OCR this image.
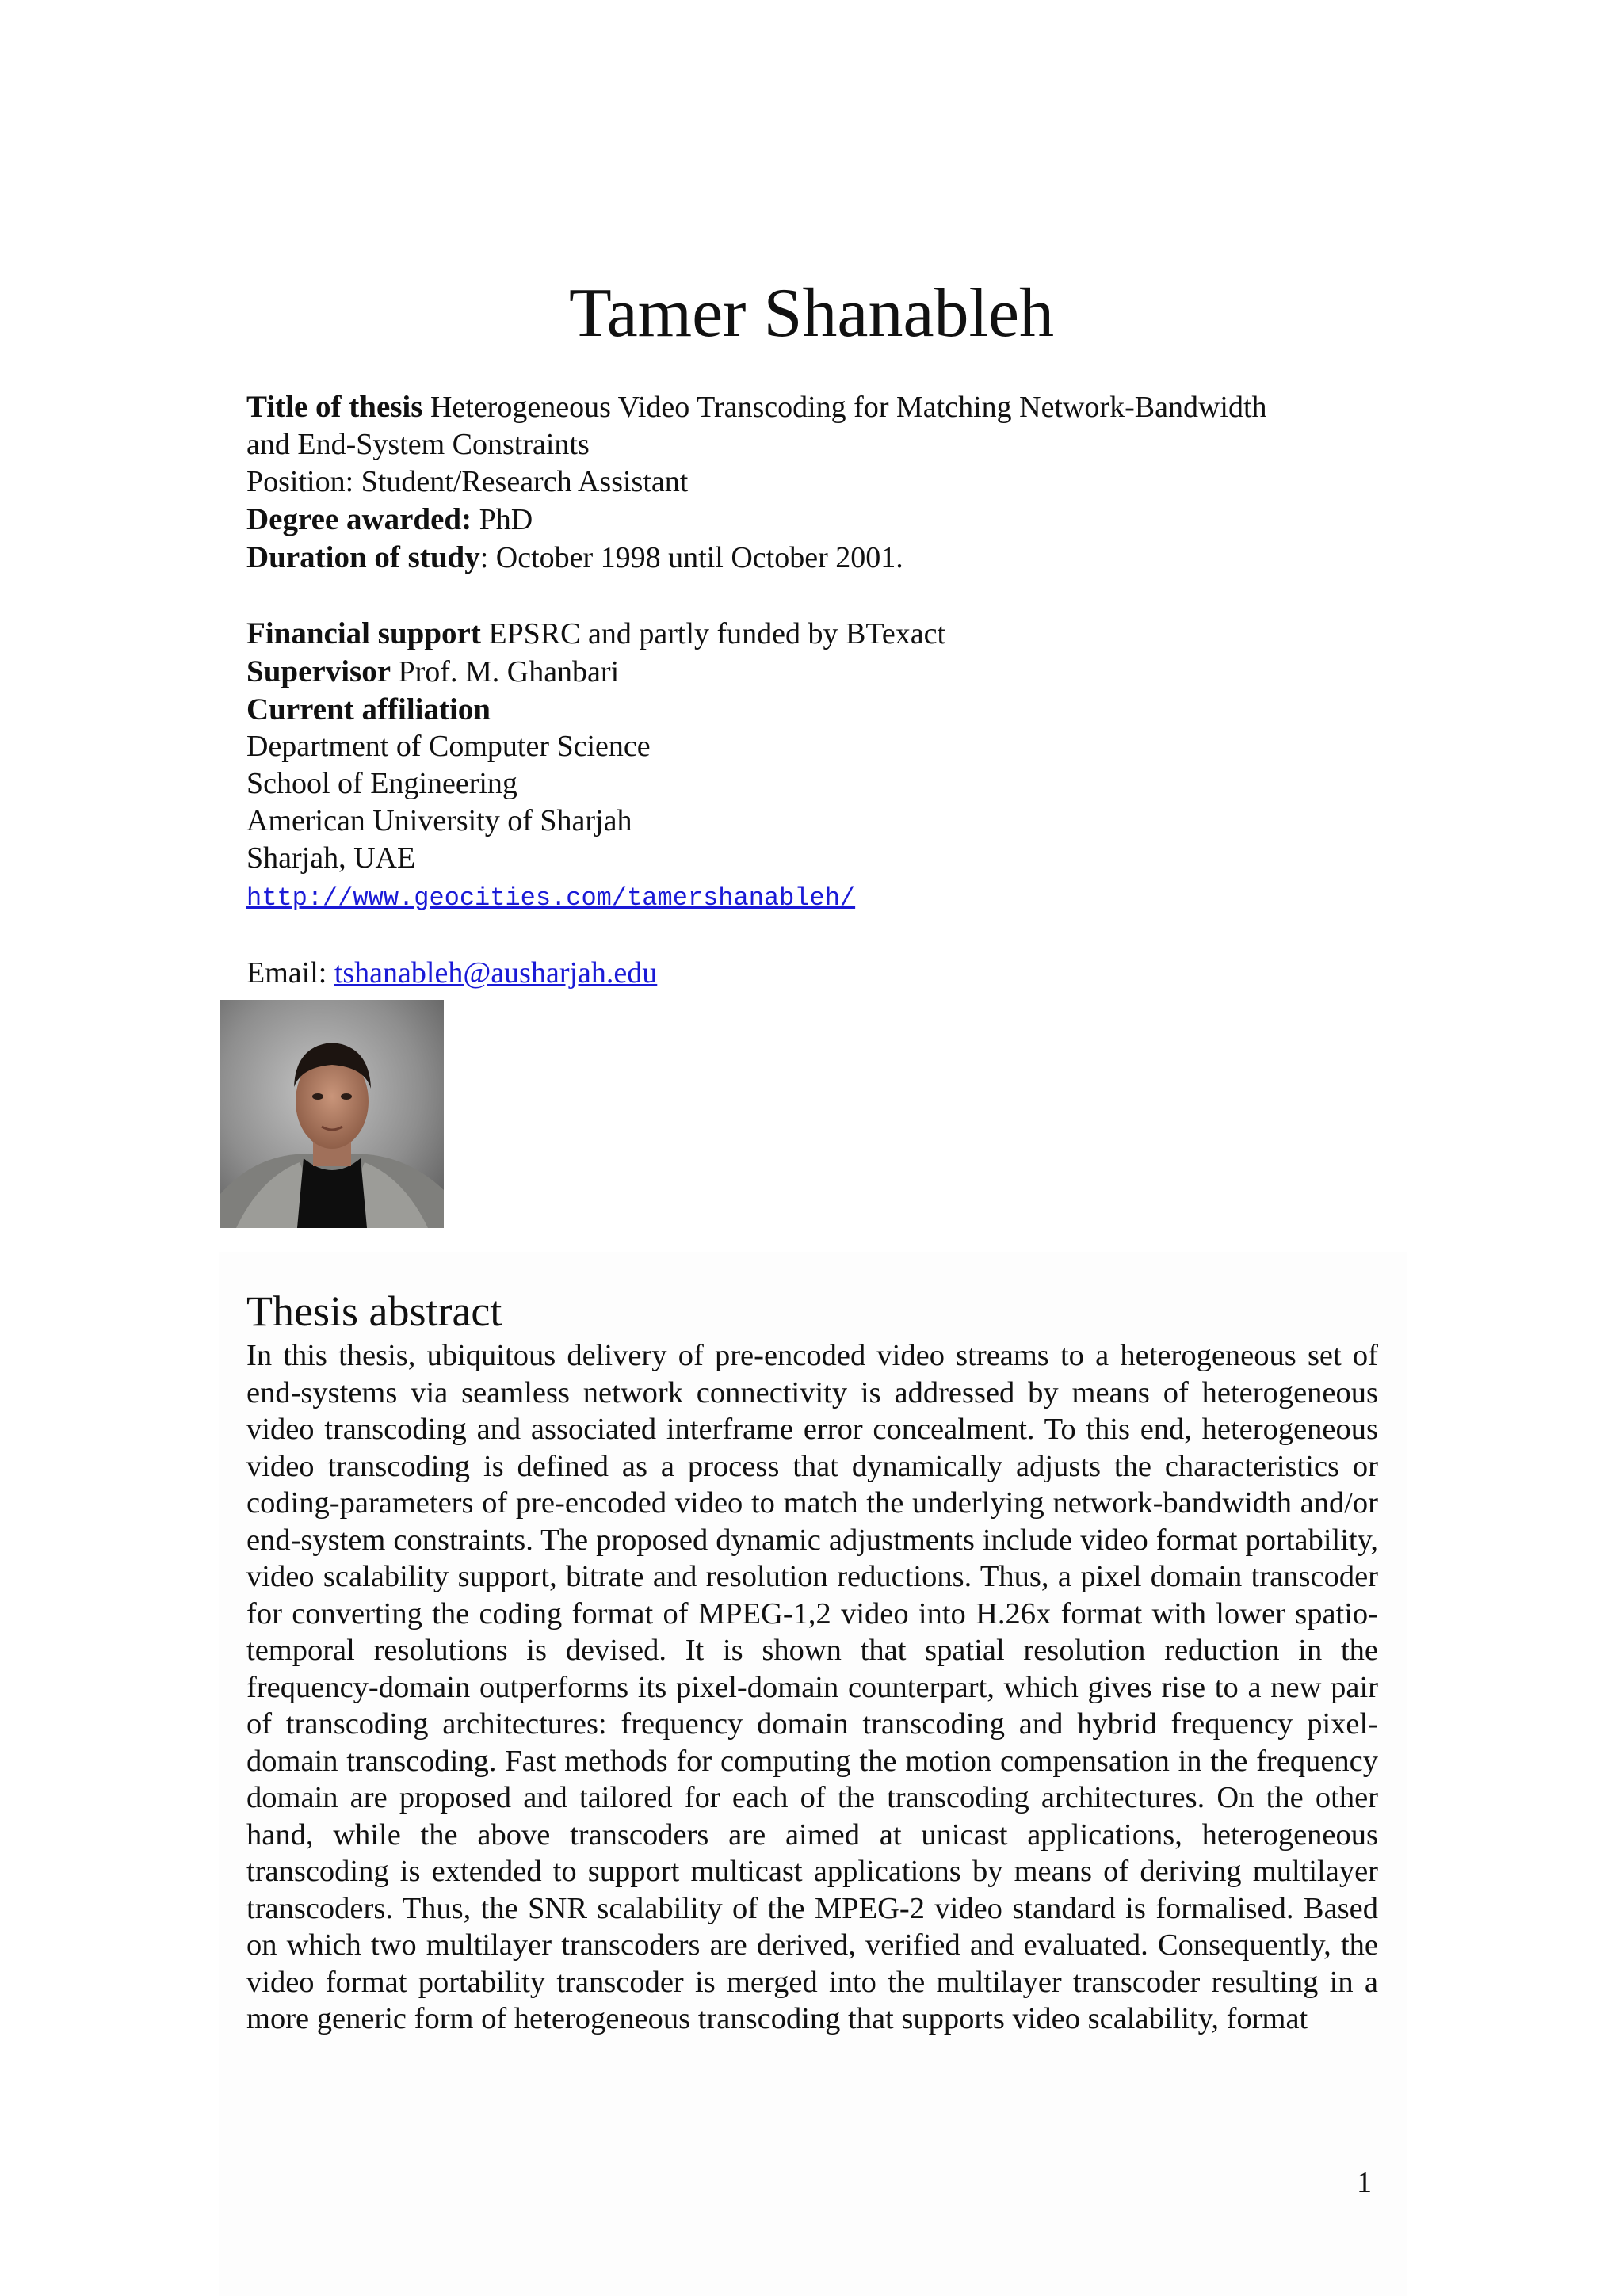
Tamer Shanableh
Title of thesis Heterogeneous Video Transcoding for Matching Network-Bandwidth
and End-System Constraints
Position: Student/Research Assistant
Degree awarded: PhD
Duration of study: October 1998 until October 2001.
Financial support EPSRC and partly funded by BTexact
Supervisor Prof. M. Ghanbari
Current affiliation
Department of Computer Science
School of Engineering
American University of Sharjah
Sharjah, UAE
http://www.geocities.com/tamershanableh/
Email: tshanableh@ausharjah.edu
Thesis abstract

In this thesis, ubiquitous delivery of pre-encoded video streams to a heterogeneous set of end-systems via seamless network connectivity is addressed by means of heterogeneous video transcoding and associated interframe error concealment. To this end, heterogeneous video transcoding is defined as a process that dynamically adjusts the characteristics or coding-parameters of pre-encoded video to match the underlying network-bandwidth and/or end-system constraints. The proposed dynamic adjustments include video format portability, video scalability support, bitrate and resolution reductions. Thus, a pixel domain transcoder for converting the coding format of MPEG-1,2 video into H.26x format with lower spatio-temporal resolutions is devised. It is shown that spatial resolution reduction in the frequency-domain outperforms its pixel-domain counterpart, which gives rise to a new pair of transcoding architectures: frequency domain transcoding and hybrid frequency pixel-domain transcoding. Fast methods for computing the motion compensation in the frequency domain are proposed and tailored for each of the transcoding architectures. On the other hand, while the above transcoders are aimed at unicast applications, heterogeneous transcoding is extended to support multicast applications by means of deriving multilayer transcoders. Thus, the SNR scalability of the MPEG-2 video standard is formalised. Based on which two multilayer transcoders are derived, verified and evaluated. Consequently, the video format portability transcoder is merged into the multilayer transcoder resulting in a more generic form of heterogeneous transcoding that supports video scalability, format

1
